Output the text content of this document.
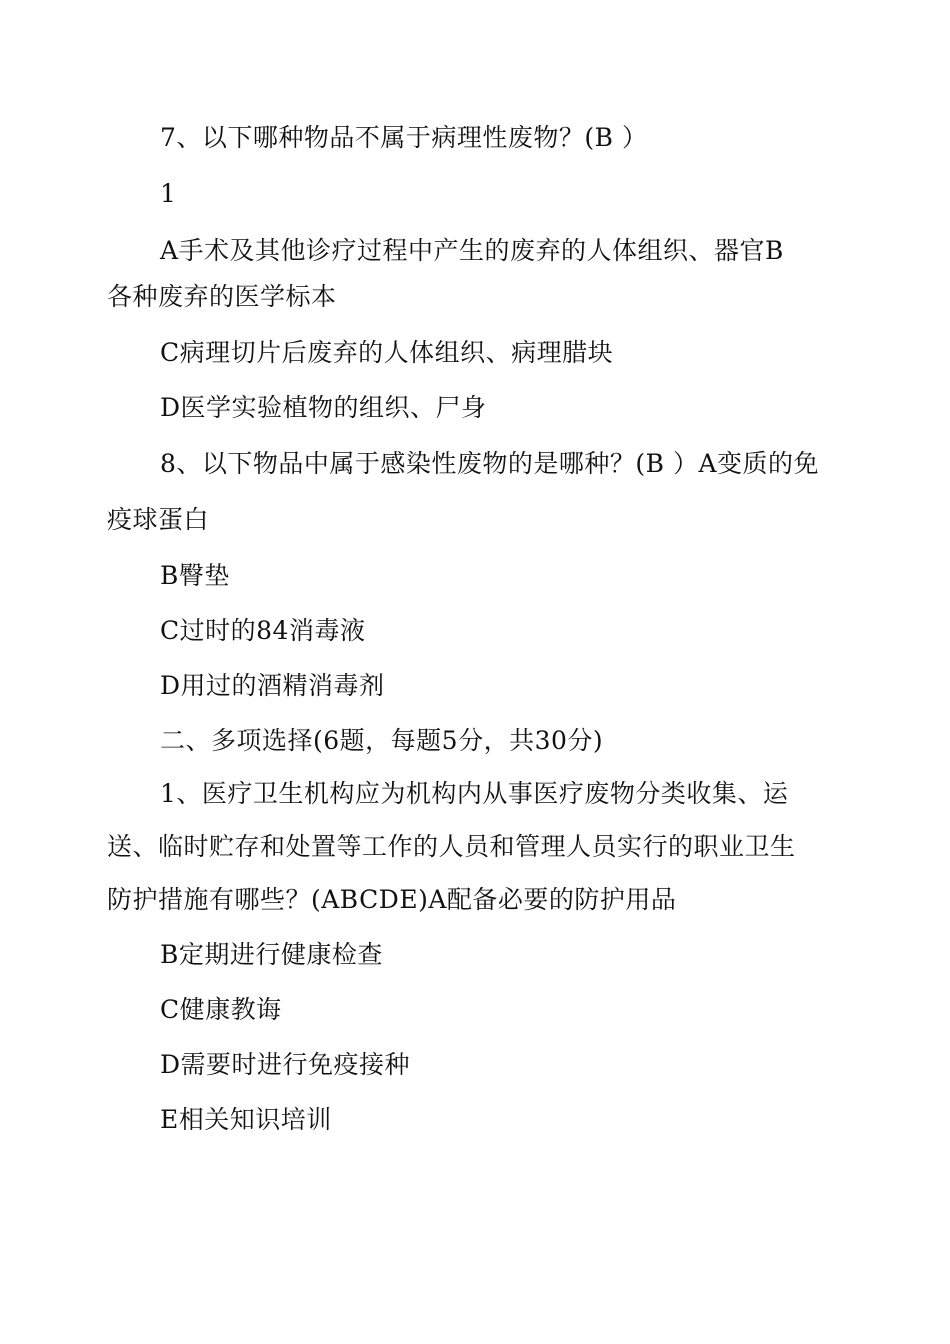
7、以下哪种物品不属于病理性废物？(B ）
1
A手术及其他诊疗过程中产生的废弃的人体组织、器官B
各种废弃的医学标本
C病理切片后废弃的人体组织、病理腊块
D医学实验植物的组织、尸身
8、以下物品中属于感染性废物的是哪种？(B ）A变质的免
疫球蛋白
B臀垫
C过时的84消毒液
D用过的酒精消毒剂
二、多项选择(6题，每题5分，共30分)
1、医疗卫生机构应为机构内从事医疗废物分类收集、运
送、临时贮存和处置等工作的人员和管理人员实行的职业卫生
防护措施有哪些？(ABCDE)A配备必要的防护用品
B定期进行健康检查
C健康教诲
D需要时进行免疫接种
E相关知识培训
